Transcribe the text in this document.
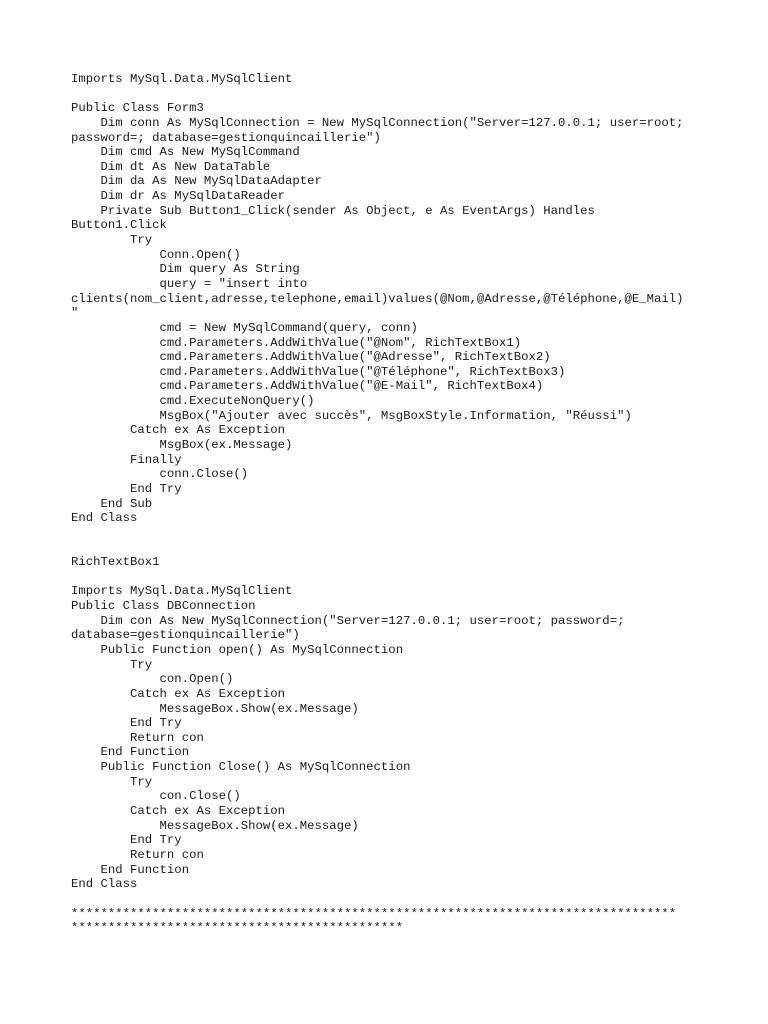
Imports MySql.Data.MySqlClient
Public Class Form3
Dim conn As MySqlConnection = New MySqlConnection("Server=127.0.0.1; user=root;
password=; database=gestionquincaillerie")
Dim cmd As New MySqlCommand
Dim dt As New DataTable
Dim da As New MySqlDataAdapter
Dim dr As MySqlDataReader
Private Sub Button1_Click(sender As Object, e As EventArgs) Handles
Button1.Click
Try
Conn.Open()
Dim query As String
query = "insert into
clients(nom_client,adresse,telephone,email)values(@Nom,@Adresse,@Téléphone,@E_Mail)
"
cmd = New MySqlCommand(query, conn)
cmd.Parameters.AddWithValue("@Nom", RichTextBox1)
cmd.Parameters.AddWithValue("@Adresse", RichTextBox2)
cmd.Parameters.AddWithValue("@Téléphone", RichTextBox3)
cmd.Parameters.AddWithValue("@E-Mail", RichTextBox4)
cmd.ExecuteNonQuery()
MsgBox("Ajouter avec succès", MsgBoxStyle.Information, "Réussi")
Catch ex As Exception
MsgBox(ex.Message)
Finally
conn.Close()
End Try
End Sub
End Class
RichTextBox1
Imports MySql.Data.MySqlClient
Public Class DBConnection
Dim con As New MySqlConnection("Server=127.0.0.1; user=root; password=;
database=gestionquincaillerie")
Public Function open() As MySqlConnection
Try
con.Open()
Catch ex As Exception
MessageBox.Show(ex.Message)
End Try
Return con
End Function
Public Function Close() As MySqlConnection
Try
con.Close()
Catch ex As Exception
MessageBox.Show(ex.Message)
End Try
Return con
End Function
End Class
**********************************************************************************
*********************************************
